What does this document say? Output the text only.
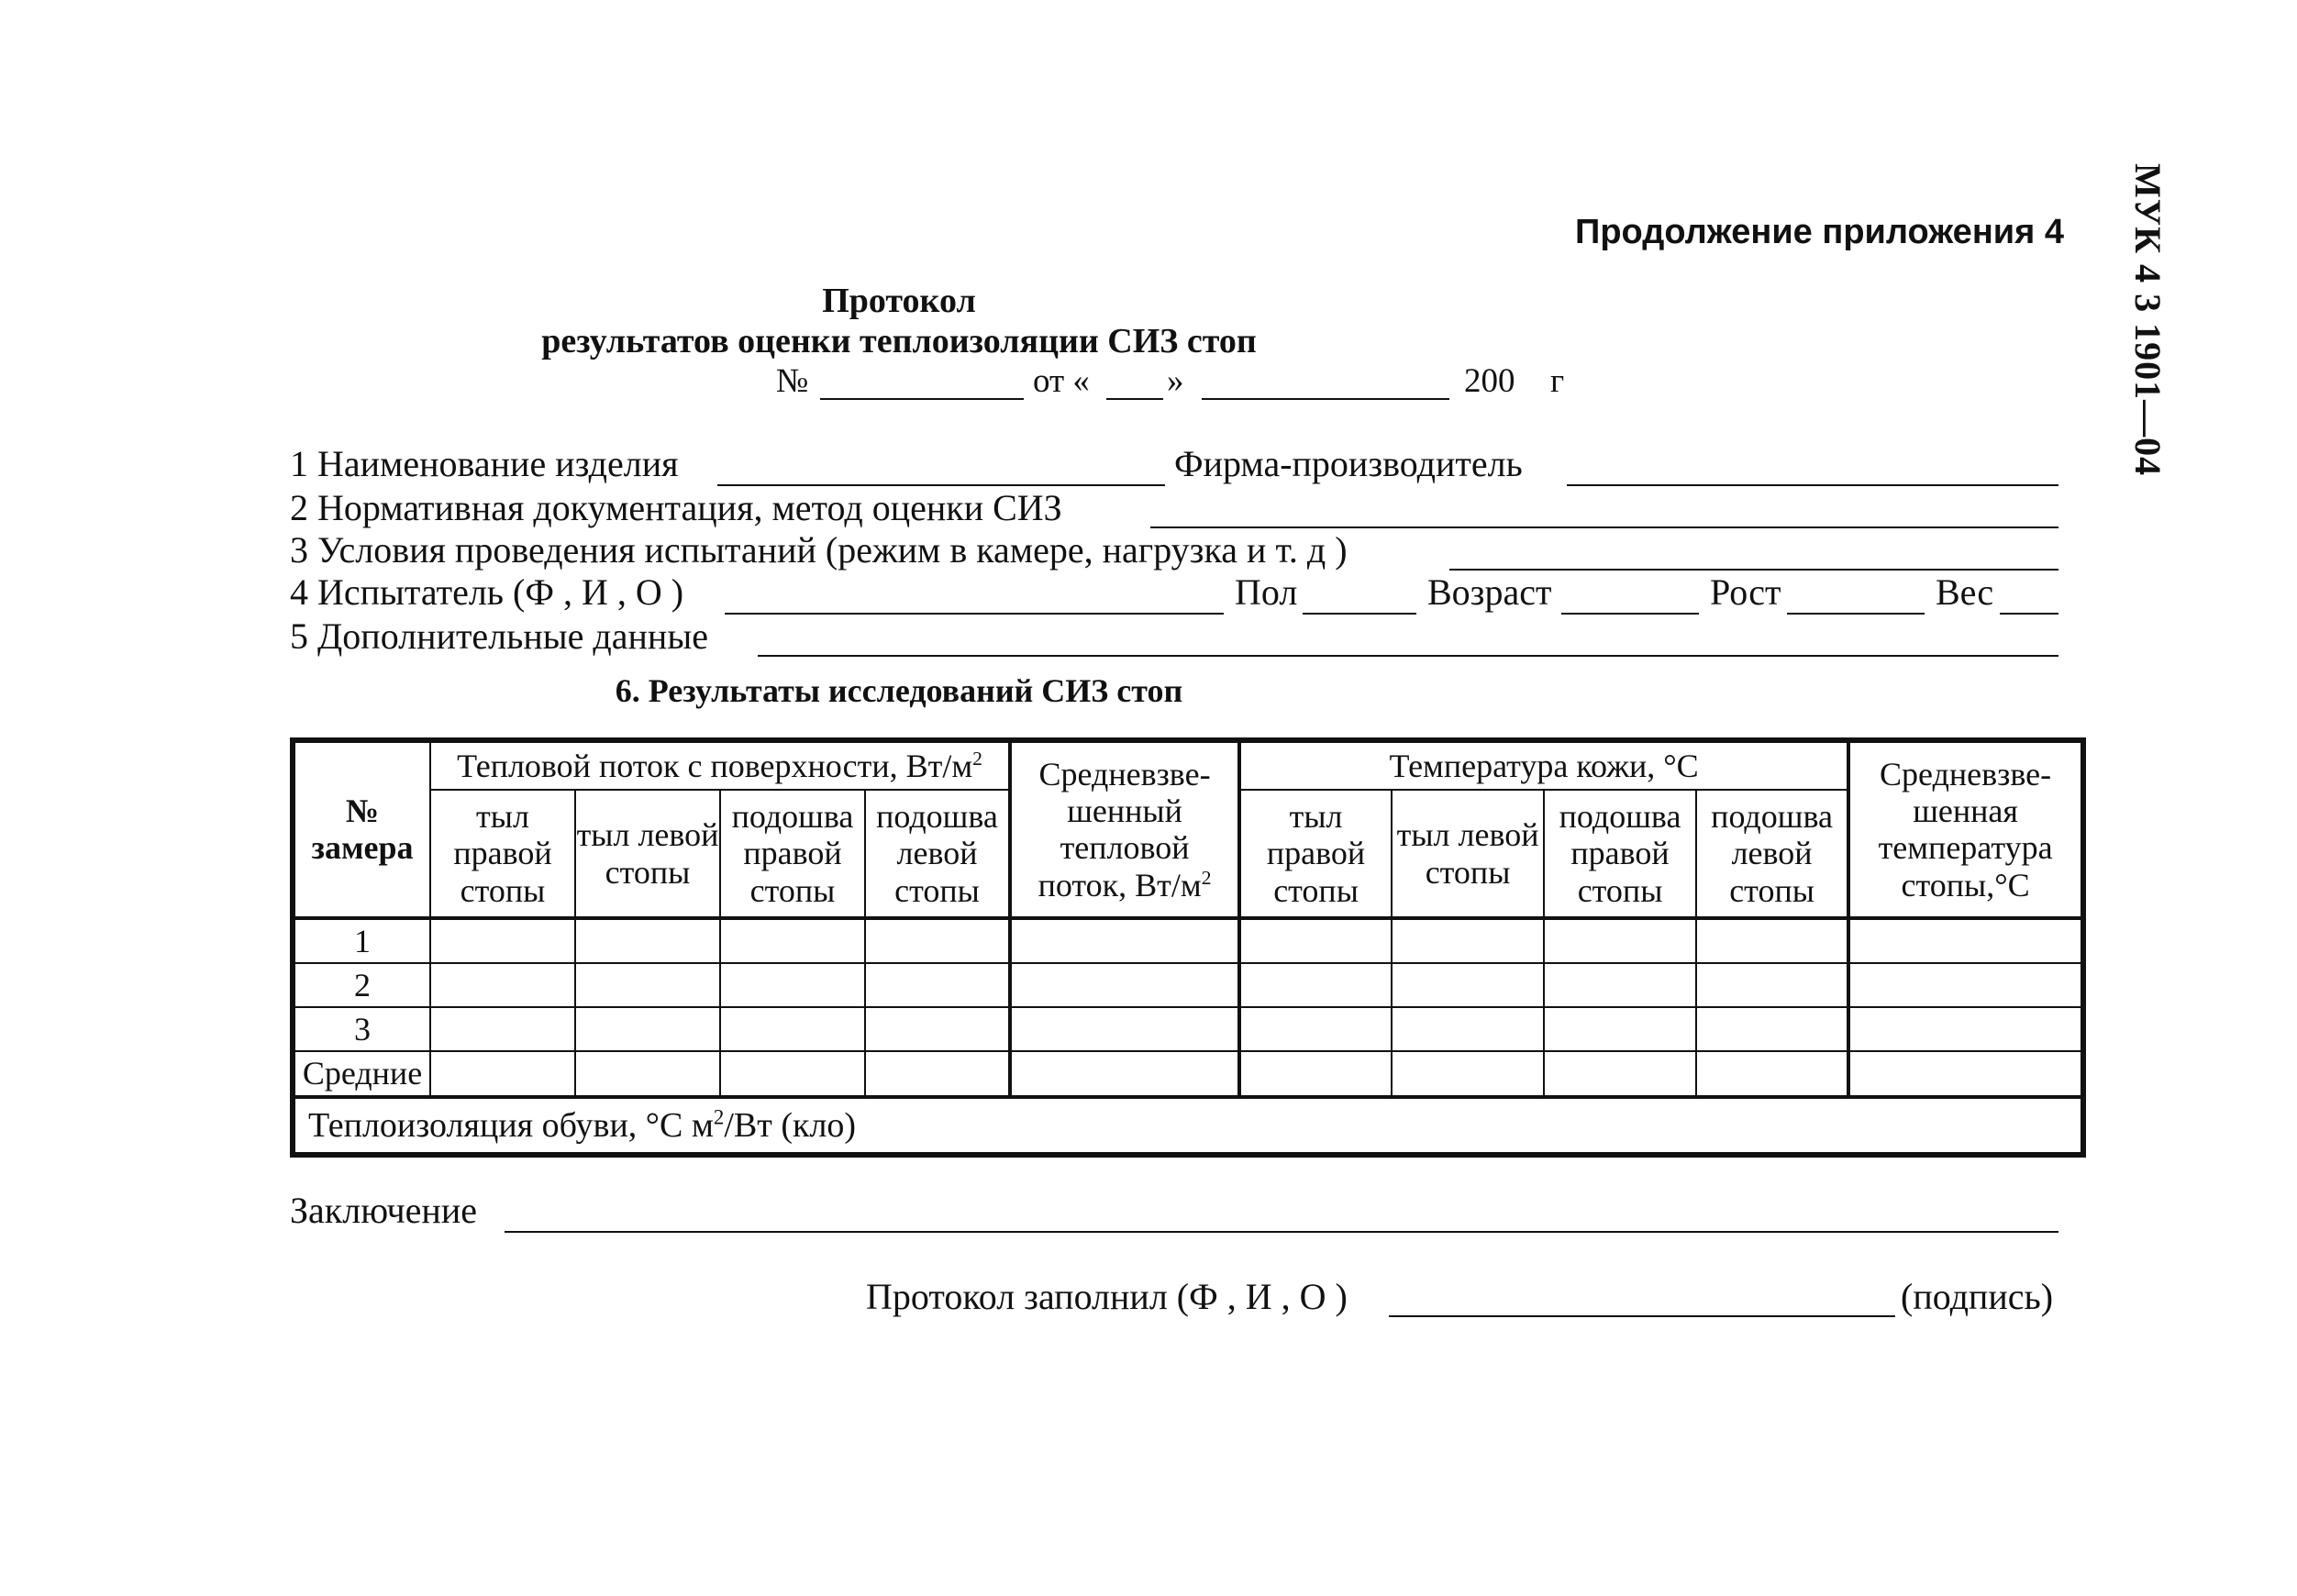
Продолжение приложения 4 МУК 4 3 1901—04
Протокол
результатов оценки теплоизоляции СИЗ стоп
№	от « »	200 г
1 Наименование изделия	Фирма-производитель
2 Нормативная документация, метод оценки СИЗ
3 Условия проведения испытаний (режим в камере, нагрузка и т. д )
4 Испытатель (Ф , И , О )	Пол	Возраст	Рост	Вес
5 Дополнительные данные
6. Результаты исследований СИЗ стоп
№ замера	Тепловой поток с поверхности, $Вт/м^2$				Средневзве-шенный тепловой поток, $Вт/м^2$	Температура кожи, °С				Средневзве-шенная температура стопы,°С
	тыл правой стопы	тыл левой стопы	подошва правой стопы	подошва левой стопы		тыл правой стопы	тыл левой стопы	подошва правой стопы	подошва левой стопы	
1										
2										
3										
Средние										
Теплоизоляция обуви, °С $м^2/Вт$ (кло)										
Заключение
Протокол заполнил (Ф , И , О )	(подпись)
